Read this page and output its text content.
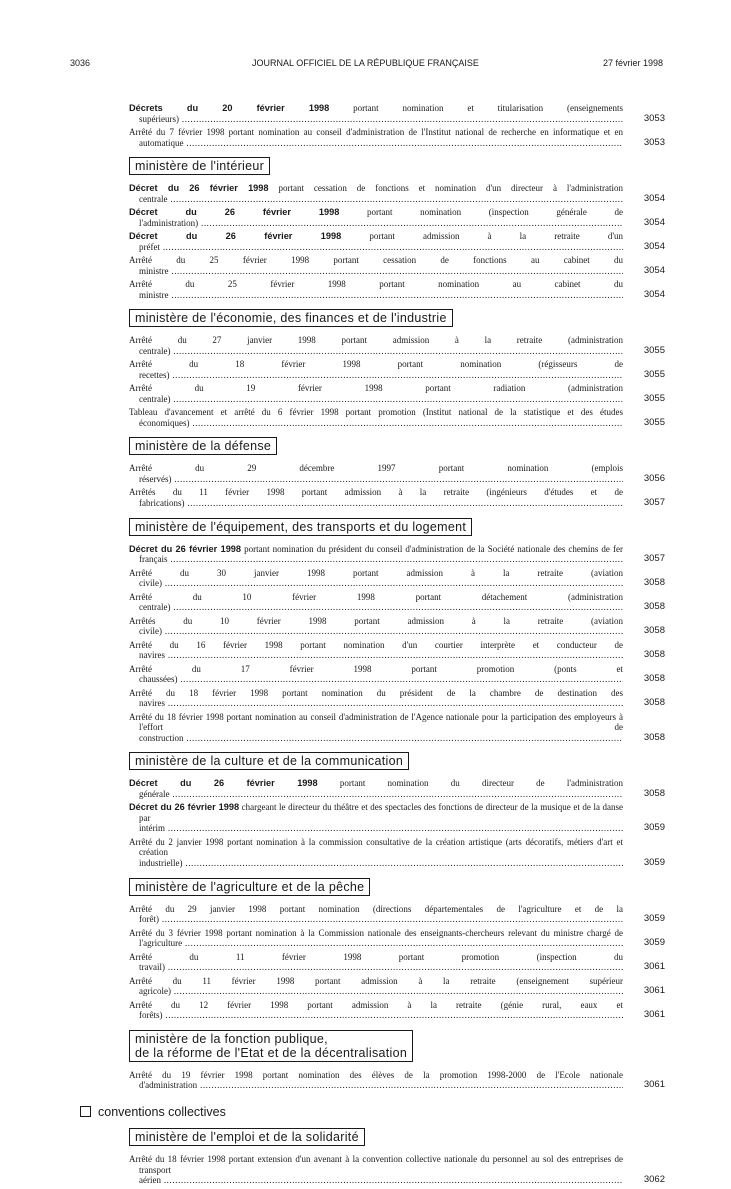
3036	JOURNAL OFFICIEL DE LA RÉPUBLIQUE FRANÇAISE	27 février 1998
Décrets du 20 février 1998 portant nomination et titularisation (enseignements supérieurs) .....	3053
Arrêté du 7 février 1998 portant nomination au conseil d'administration de l'Institut national de recherche en informatique et en automatique .....	3053
ministère de l'intérieur
Décret du 26 février 1998 portant cessation de fonctions et nomination d'un directeur à l'administration centrale .....	3054
Décret du 26 février 1998 portant nomination (inspection générale de l'administration) .....	3054
Décret du 26 février 1998 portant admission à la retraite d'un préfet .....	3054
Arrêté du 25 février 1998 portant cessation de fonctions au cabinet du ministre .....	3054
Arrêté du 25 février 1998 portant nomination au cabinet du ministre .....	3054
ministère de l'économie, des finances et de l'industrie
Arrêté du 27 janvier 1998 portant admission à la retraite (administration centrale) .....	3055
Arrêté du 18 février 1998 portant nomination (régisseurs de recettes) .....	3055
Arrêté du 19 février 1998 portant radiation (administration centrale) .....	3055
Tableau d'avancement et arrêté du 6 février 1998 portant promotion (Institut national de la statistique et des études économiques) .....	3055
ministère de la défense
Arrêté du 29 décembre 1997 portant nomination (emplois réservés) .....	3056
Arrêtés du 11 février 1998 portant admission à la retraite (ingénieurs d'études et de fabrications) .....	3057
ministère de l'équipement, des transports et du logement
Décret du 26 février 1998 portant nomination du président du conseil d'administration de la Société nationale des chemins de fer français .....	3057
Arrêté du 30 janvier 1998 portant admission à la retraite (aviation civile) .....	3058
Arrêté du 10 février 1998 portant détachement (administration centrale) .....	3058
Arrêtés du 10 février 1998 portant admission à la retraite (aviation civile) .....	3058
Arrêté du 16 février 1998 portant nomination d'un courtier interprète et conducteur de navires .....	3058
Arrêté du 17 février 1998 portant promotion (ponts et chaussées) .....	3058
Arrêté du 18 février 1998 portant nomination du président de la chambre de destination des navires .....	3058
Arrêté du 18 février 1998 portant nomination au conseil d'administration de l'Agence nationale pour la participation des employeurs à l'effort de construction .....	3058
ministère de la culture et de la communication
Décret du 26 février 1998 portant nomination du directeur de l'administration générale .....	3058
Décret du 26 février 1998 chargeant le directeur du théâtre et des spectacles des fonctions de directeur de la musique et de la danse par intérim .....	3059
Arrêté du 2 janvier 1998 portant nomination à la commission consultative de la création artistique (arts décoratifs, métiers d'art et création industrielle) .....	3059
ministère de l'agriculture et de la pêche
Arrêté du 29 janvier 1998 portant nomination (directions départementales de l'agriculture et de la forêt) .....	3059
Arrêté du 3 février 1998 portant nomination à la Commission nationale des enseignants-chercheurs relevant du ministre chargé de l'agriculture .....	3059
Arrêté du 11 février 1998 portant promotion (inspection du travail) .....	3061
Arrêté du 11 février 1998 portant admission à la retraite (enseignement supérieur agricole) .....	3061
Arrêté du 12 février 1998 portant admission à la retraite (génie rural, eaux et forêts) .....	3061
ministère de la fonction publique,
de la réforme de l'Etat et de la décentralisation
Arrêté du 19 février 1998 portant nomination des élèves de la promotion 1998-2000 de l'Ecole nationale d'administration .....	3061
conventions collectives
ministère de l'emploi et de la solidarité
Arrêté du 18 février 1998 portant extension d'un avenant à la convention collective nationale du personnel au sol des entreprises de transport aérien .....	3062
